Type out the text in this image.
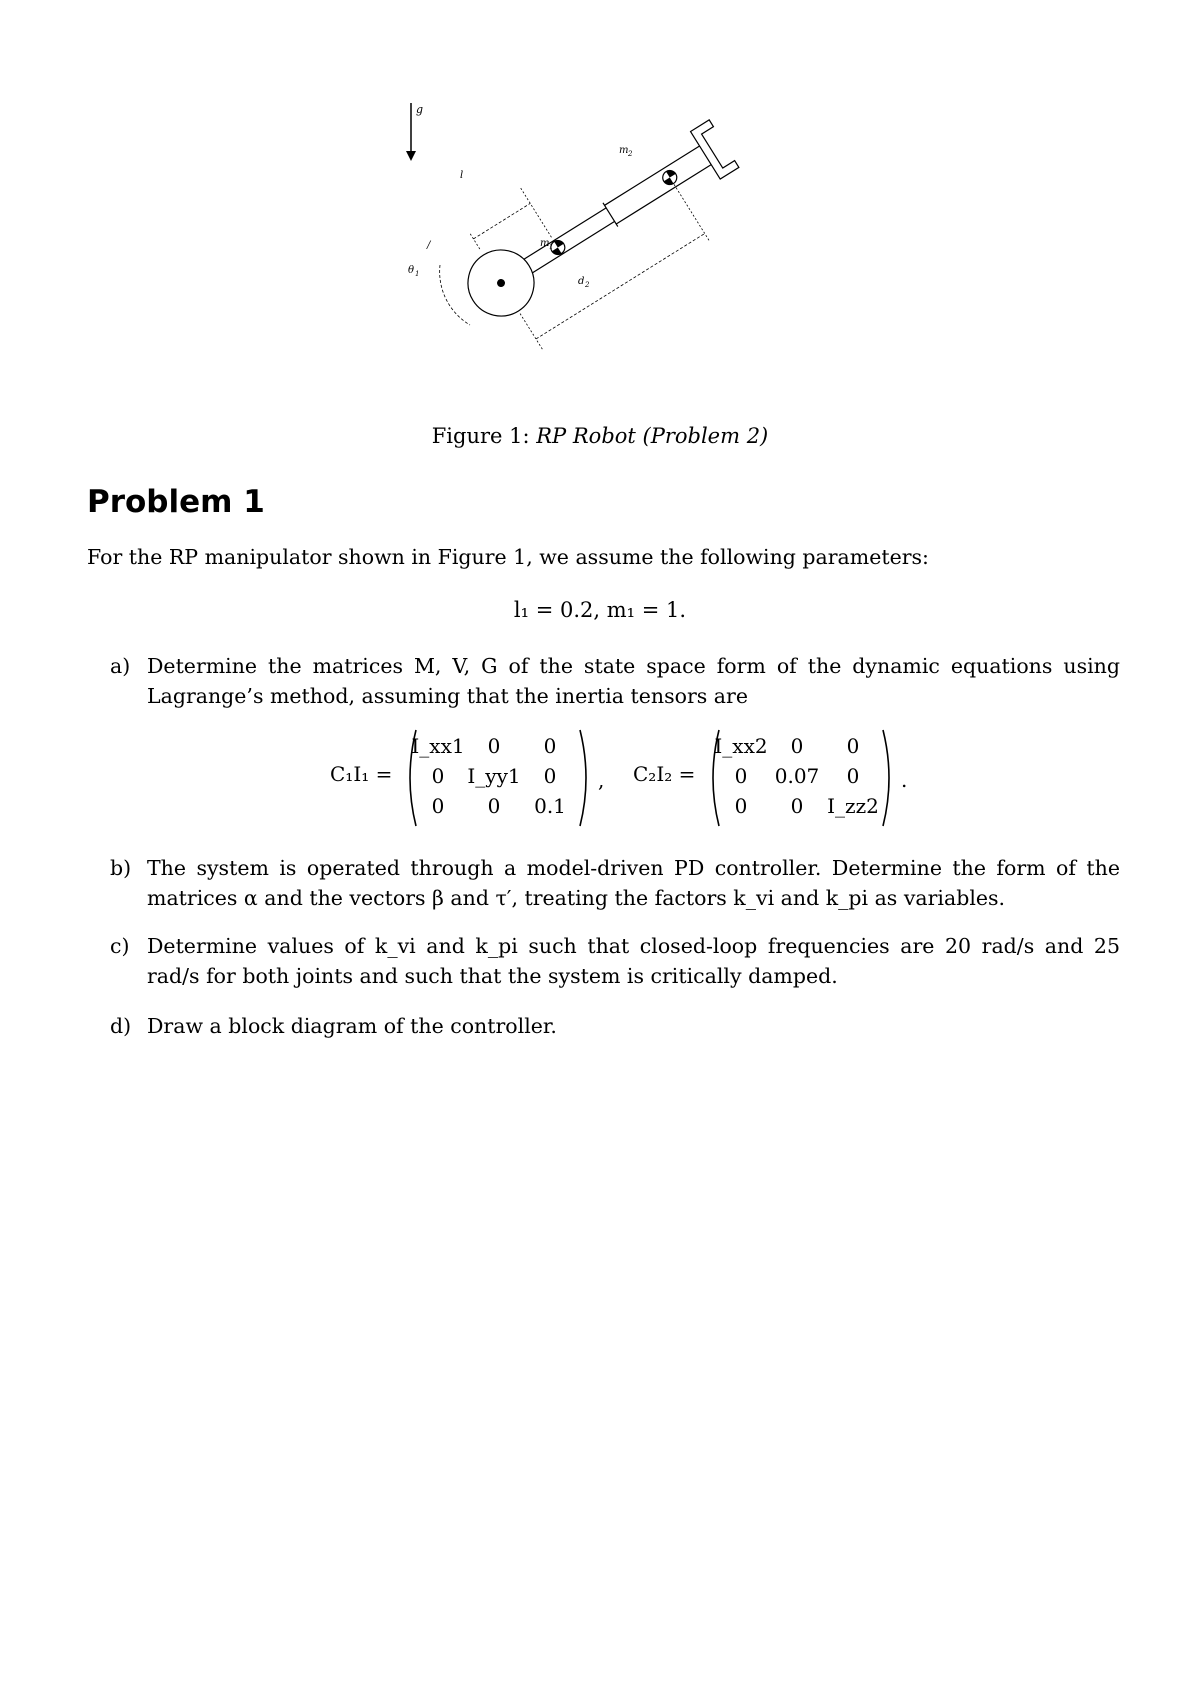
g
l
m 2
m 1
d 2
θ 1
/
Figure 1: RP Robot (Problem 2)
Problem 1
For the RP manipulator shown in Figure 1, we assume the following parameters:
l₁ = 0.2, m₁ = 1.
a) Determine the matrices M, V, G of the state space form of the dynamic equations using Lagrange’s method, assuming that the inertia tensors are
C₁I₁ =
I_xx1	0	0
0	I_yy1	0
0	0	0.1
, C₂I₂ =
I_xx2	0	0
0	0.07	0
0	0	I_zz2
.
b) The system is operated through a model-driven PD controller. Determine the form of the matrices α and the vectors β and τ′, treating the factors k_vi and k_pi as variables.
c) Determine values of k_vi and k_pi such that closed-loop frequencies are 20 rad/s and 25 rad/s for both joints and such that the system is critically damped.
d) Draw a block diagram of the controller.
